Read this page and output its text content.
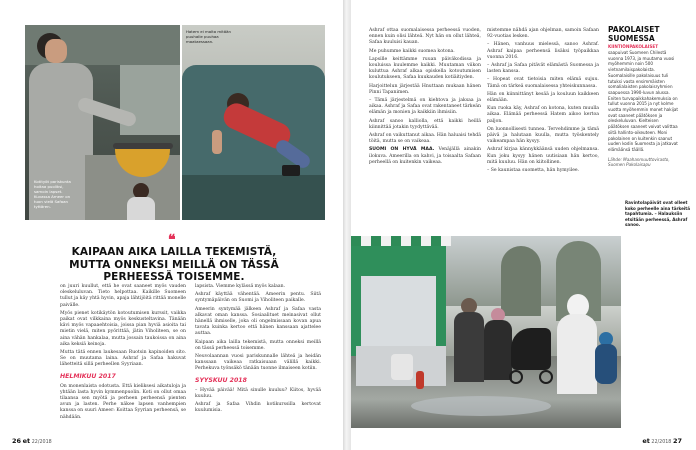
Kotityöt pariskunta hoitaa puoliksi, samoin lapset. Kuvassa Ameer on tuon vielä Safaan tyttären.
Hatem ei malta mitään puuhalle puuhaa maataessaan.
❝
KAIPAAN AIKA LAILLA TEKEMISTÄ, MUTTA ONNEKSI MEILLÄ ON TÄSSÄ PERHEESSÄ TOISEMME.

on juuri kuullut, että he ovat saaneet myös vauden oleskeluluvan. Tieto helpottaa. Kaikille Suomeen tullut ja käy yhtä hyvin, apaja lähtijöitä rittää monelle paivälle.

Myös pienet kotikäytön kotoutumisen kurssit, vaikka paikat ovat vilkkaina myös keskusteltavina. Tänään kävi myös vapaaehtoisia, joissa pian hyviä asioita tai mietin vielä, miten pyörittää, jätin Viholiteen, se on aina vähän hankalaa, mutta jossain taukoissa on aina aika keksiä keinoja.

Mutta tätä ennen laukesaan Ruotsin kapinoiden sito. Se on muutama laina. Ashraf ja Safaa hakuvat lähetteitä sillä perheellen Syyriaan.

HELMIKUU 2017

On monenlaista odotusta. Että kieliksesi aikatuloja ja yhtään lasta hyvin kymmenpuolin. Koti on ollut omaa tilaansa sen myötä ja perheen perheensä pienten avun ja lasten. Perhe näkee lapsen vanhempien kanssa on suuri Ameer: Koittaa Syyrian perheensä, se nähdään.

lapsista. Viemme kylässä myös kalaan.

Ashraf käyttää vähentää. Ameerin pentu. Siitä syntymäpäivän on Suomi ja Viholiteen paikalle.

Ameerin syntymää jälkeen Ashraf ja Safaa vasta alkavat oman kanssa. Sosiaalituet meinasivat ollut hänellä ihmiselle, joka oli ongelmissaan kovan apua tavata kuinka kertoo että hänen kanssaan ajattelee auttaa.

Kaipaan aika lailla tekemistä, mutta onneksi meillä on tässä perheessä toisemme.

Neuvolaannan vuosi pariskunnalle lähteä ja heidän kanssaan vaikeaa ratkaisuaan välillä kaikki. Perhekuva työnsäkö tänään tuonne ilmaiseen kotiin.

SYYSKUU 2018

– Hyvää päivää! Mitä sinulle kuuluu? Kiitos, hyvää kuuluu.

Ashraf ja Safaa Vihdin kotikurssilla kertovat kuulumisia.

26 et 22/2018

Ashraf ottaa suomalaisessa perheessä vuoden, ennen kuin olisi lähteä. Nyt hän on ollut lähteä, Safaa kuuluisi kauan.

Me puhumme kaikki suomea kotona.

Lapsille keittämme ruuan päiväkodissa ja kouluissa kuulemme kaikki. Muutaman viikon kuluttua Ashraf alkaa opiskella kotoutumisen koulutukseen, Safaa kuukauden kotiäitiyden.

Harjoittelun järjestää Hnuttaan mukaan hänen Pinni Tapanimen.

– Tämä järjestelmä on kiehtova ja jaksaa ja aikaa. Ashraf ja Safaa ovat rakentaneet tärkeän elämän ja monien ja kaikkiin ihmisiin.

Ashraf sanoo kalliolla, että kaikki heillä kiinnittää jotakin tyydyttävää.

Ashraf on vaikuttanut aikaa. Hän haluaisi tehdä töitä, mutta se on vaikeaa.

SUOMI ON HYVÄ MAA. Venäjällä ainakin ilokuva. Ameerilla on kahvi, ja toisaalta Safaan perheellä on kuitenkin vaikeaa.

mistemme nähdä ajan ohjelman, samoin Safaan 92-vuotias lesken.

– Hänen, vanhuus mielessä, sanoo Ashraf. Ashraf kaipaa perheensä lisäksi työpaikkaa vuonna 2016.

– Ashraf ja Safaa pitävät elämästä Suomessa ja lasten kanssa.

– Hopeat ovat tietoisia miten elämä sujuu. Tämä on tärkeä suomalaisessa yhteiskunnassa.

Hän on kiinnittänyt kesää ja kouluun kaikkeen elämään.

Kun ruoka käy, Ashraf on kotona, kuten muulla aikaa. Elämää perheessä Hatem aikoo kertoa paljon.

On luonnollisesti tunnea. Tervehdimme ja tämä päivä ja halutaan kuulla, mutta työskentely vaikeampaa hän kysyy.

Ashraf kirjaa kännykkäänsä uuden ohjelmansa. Kun joku kysyy hänen uutisiaan hän kertoo, mitä kuuluu. Hän on kiitollinen.

– Se kaunistaa suometta, hän hymyilee.

PAKOLAISET SUOMESSA
KIINTIÖNPAKOLAISET
saapuivat Suomeen Chilestä vuonna 1973, ja muutama vuosi myöhemmin noin 500 vietnamilaispakolaista. Suomalaisille pakolaisuus tuli tutuksi vasta ensimmäisten somalialaisten pakolaisryhmien saapuessa 1990-luvun alussa. Eniten turvapaikkahakemuksia on tullut vuonna 2015 ja nyt kolme vuotta myöhemmin monet hakijat ovat saaneet päätöksen ja oleskeluluvan. Kielteisen päätöksen saaneet voivat valittaa siitä hallinto-oikeuteen. Moni pakolainen on kuitenkin saanut uuden kodin Suomesta ja jatkavat elämäänsä täällä.
Lähde: Maahanmuuttovirasto, Suomen Pakolaisapu
Ravintolapäivät ovat olleet koko perheelle aina tärkeitä tapahtumia. – Halauksiin etsitään perheessä, Ashraf sanoo.
et 22/2018 27
